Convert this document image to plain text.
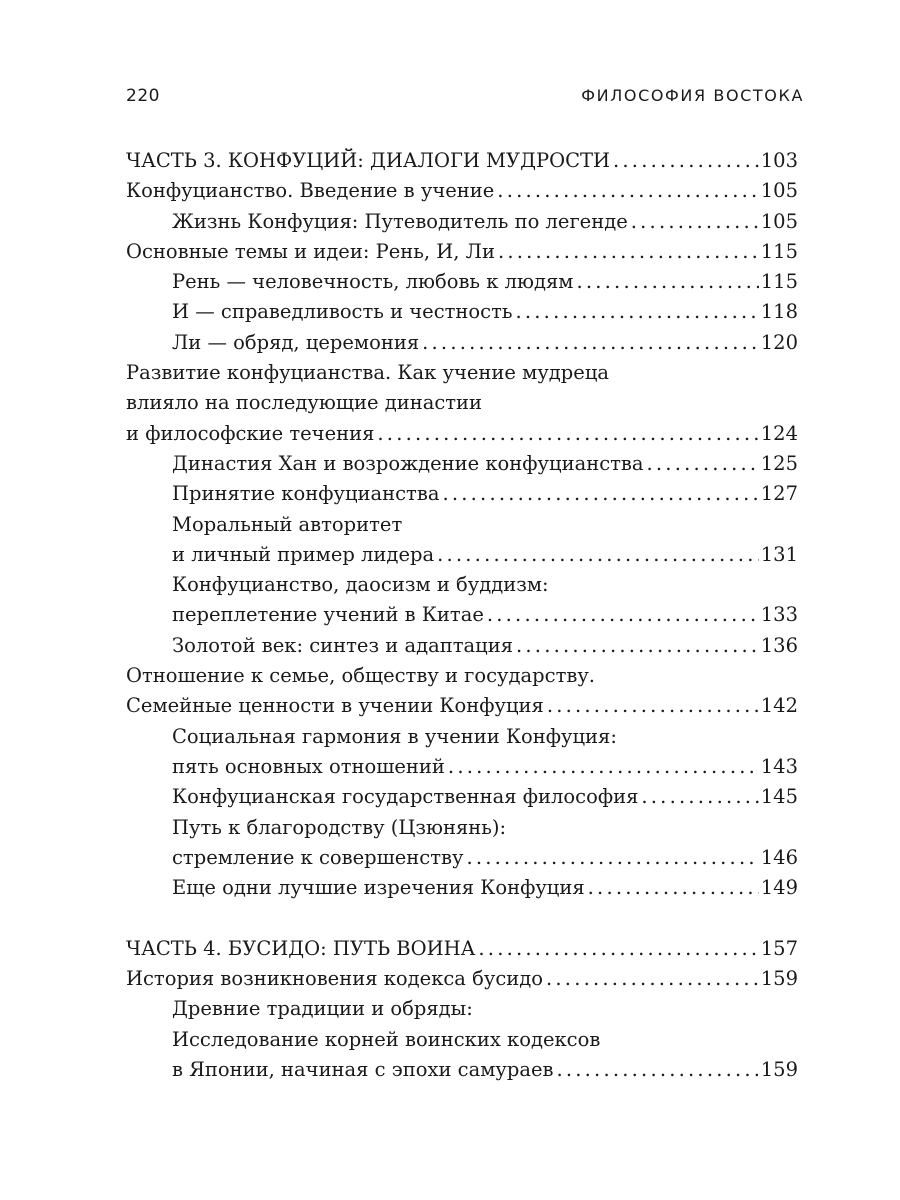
220	ФИЛОСОФИЯ ВОСТОКА
ЧАСТЬ 3. КОНФУЦИЙ: ДИАЛОГИ МУДРОСТИ . . .	103
Конфуцианство. Введение в учение . . .	105
Жизнь Конфуция: Путеводитель по легенде . . .	105
Основные темы и идеи: Рень, И, Ли . . .	115
Рень — человечность, любовь к людям . . .	115
И — справедливость и честность . . .	118
Ли — обряд, церемония . . .	120
Развитие конфуцианства. Как учение мудреца
влияло на последующие династии
и философские течения . . .	124
Династия Хан и возрождение конфуцианства . . .	125
Принятие конфуцианства . . .	127
Моральный авторитет
и личный пример лидера . . .	131
Конфуцианство, даосизм и буддизм:
переплетение учений в Китае . . .	133
Золотой век: синтез и адаптация . . .	136
Отношение к семье, обществу и государству.
Семейные ценности в учении Конфуция . . .	142
Социальная гармония в учении Конфуция:
пять основных отношений . . .	143
Конфуцианская государственная философия . . .	145
Путь к благородству (Цзюнянь):
стремление к совершенству . . .	146
Еще одни лучшие изречения Конфуция . . .	149
ЧАСТЬ 4. БУСИДО: ПУТЬ ВОИНА . . .	157
История возникновения кодекса бусидо . . .	159
Древние традиции и обряды:
Исследование корней воинских кодексов
в Японии, начиная с эпохи самураев . . .	159
